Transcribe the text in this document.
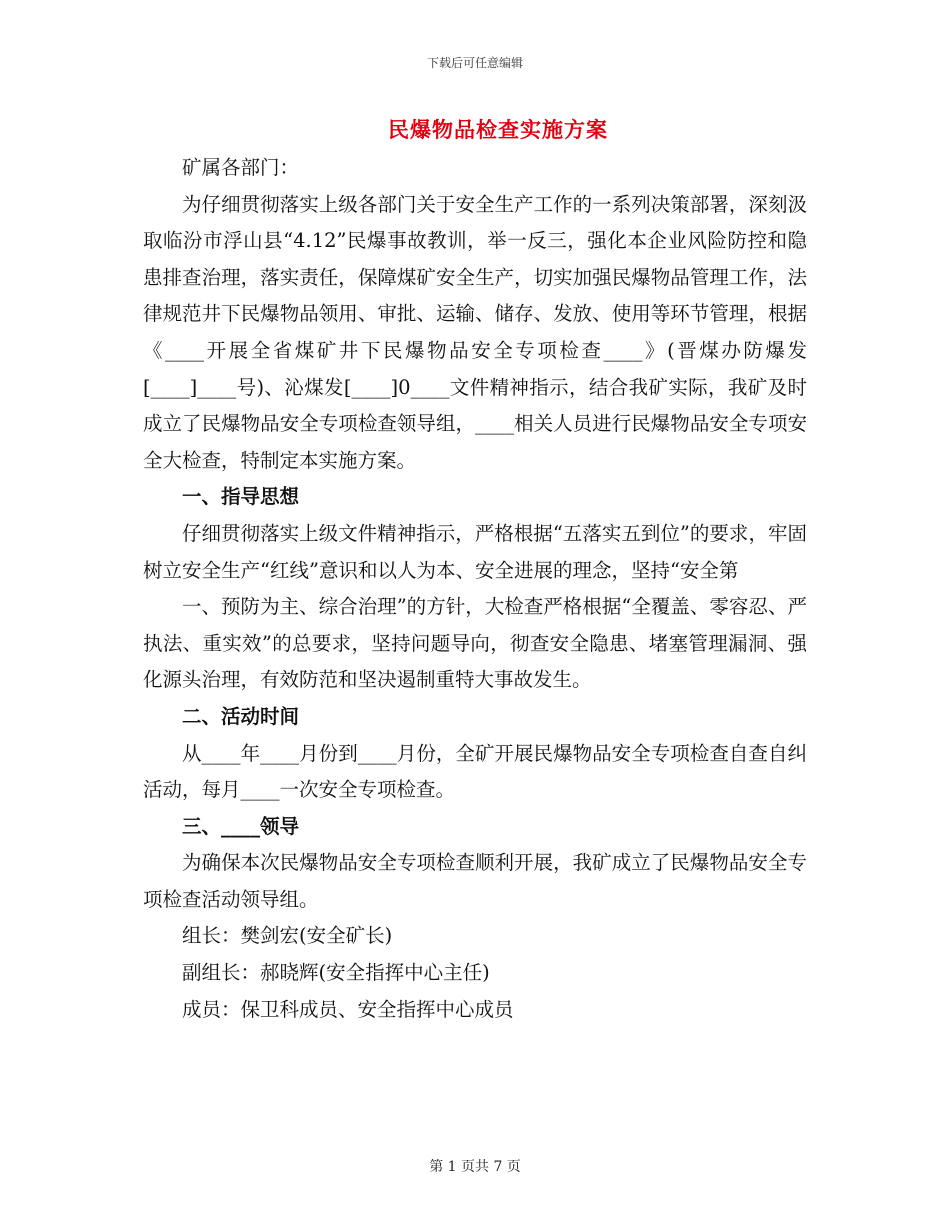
下载后可任意编辑
民爆物品检查实施方案

矿属各部门：

为仔细贯彻落实上级各部门关于安全生产工作的一系列决策部署，深刻汲取临汾市浮山县“4.12”民爆事故教训，举一反三，强化本企业风险防控和隐患排查治理，落实责任，保障煤矿安全生产，切实加强民爆物品管理工作，法律规范井下民爆物品领用、审批、运输、储存、发放、使用等环节管理，根据《____开展全省煤矿井下民爆物品安全专项检查____》(晋煤办防爆发[____]____号)、沁煤发[____]0____文件精神指示，结合我矿实际，我矿及时成立了民爆物品安全专项检查领导组，____相关人员进行民爆物品安全专项安全大检查，特制定本实施方案。

一、指导思想

仔细贯彻落实上级文件精神指示，严格根据“五落实五到位”的要求，牢固树立安全生产“红线”意识和以人为本、安全进展的理念，坚持“安全第

一、预防为主、综合治理”的方针，大检查严格根据“全覆盖、零容忍、严执法、重实效”的总要求，坚持问题导向，彻查安全隐患、堵塞管理漏洞、强化源头治理，有效防范和坚决遏制重特大事故发生。

二、活动时间

从____年____月份到____月份，全矿开展民爆物品安全专项检查自查自纠活动，每月____一次安全专项检查。

三、____领导

为确保本次民爆物品安全专项检查顺利开展，我矿成立了民爆物品安全专项检查活动领导组。

组长：樊剑宏(安全矿长)

副组长：郝晓辉(安全指挥中心主任)

成员：保卫科成员、安全指挥中心成员

第 1 页共 7 页
